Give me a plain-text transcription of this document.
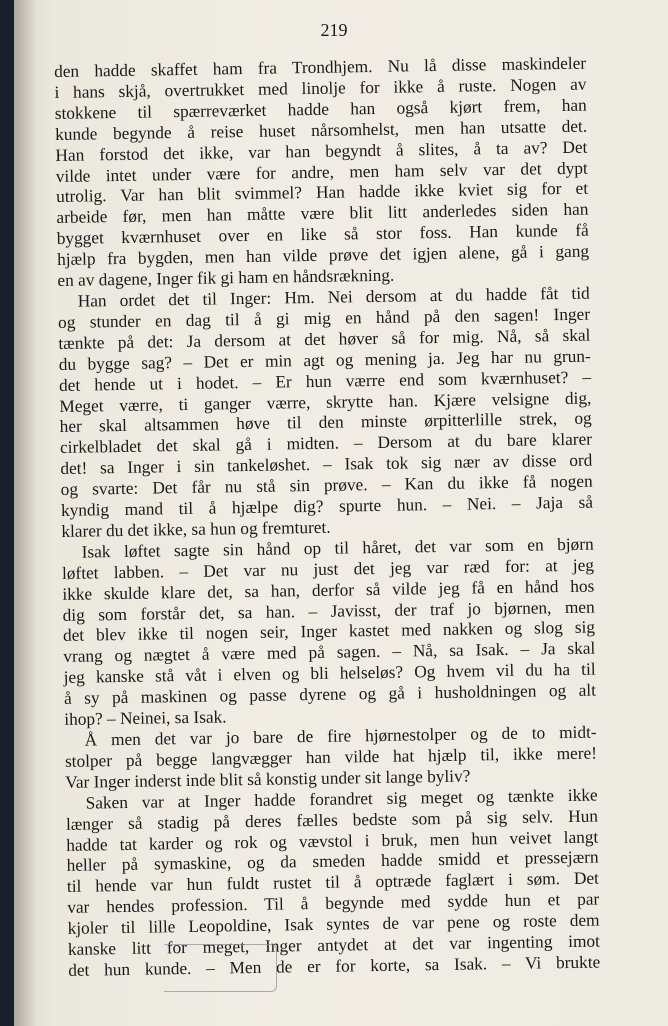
219
den hadde skaffet ham fra Trondhjem. Nu lå disse maskindeler
i hans skjå, overtrukket med linolje for ikke å ruste. Nogen av
stokkene til spærreværket hadde han også kjørt frem, han
kunde begynde å reise huset nårsomhelst, men han utsatte det.
Han forstod det ikke, var han begyndt å slites, å ta av? Det
vilde intet under være for andre, men ham selv var det dypt
utrolig. Var han blit svimmel? Han hadde ikke kviet sig for et
arbeide før, men han måtte være blit litt anderledes siden han
bygget kværnhuset over en like så stor foss. Han kunde få
hjælp fra bygden, men han vilde prøve det igjen alene, gå i gang
en av dagene, Inger fik gi ham en håndsrækning.
Han ordet det til Inger: Hm. Nei dersom at du hadde fåt tid
og stunder en dag til å gi mig en hånd på den sagen! Inger
tænkte på det: Ja dersom at det høver så for mig. Nå, så skal
du bygge sag? – Det er min agt og mening ja. Jeg har nu grun-
det hende ut i hodet. – Er hun værre end som kværnhuset? –
Meget værre, ti ganger værre, skrytte han. Kjære velsigne dig,
her skal altsammen høve til den minste ørpitterlille strek, og
cirkelbladet det skal gå i midten. – Dersom at du bare klarer
det! sa Inger i sin tankeløshet. – Isak tok sig nær av disse ord
og svarte: Det får nu stå sin prøve. – Kan du ikke få nogen
kyndig mand til å hjælpe dig? spurte hun. – Nei. – Jaja så
klarer du det ikke, sa hun og fremturet.
Isak løftet sagte sin hånd op til håret, det var som en bjørn
løftet labben. – Det var nu just det jeg var ræd for: at jeg
ikke skulde klare det, sa han, derfor så vilde jeg få en hånd hos
dig som forstår det, sa han. – Javisst, der traf jo bjørnen, men
det blev ikke til nogen seir, Inger kastet med nakken og slog sig
vrang og nægtet å være med på sagen. – Nå, sa Isak. – Ja skal
jeg kanske stå våt i elven og bli helseløs? Og hvem vil du ha til
å sy på maskinen og passe dyrene og gå i husholdningen og alt
ihop? – Neinei, sa Isak.
Å men det var jo bare de fire hjørnestolper og de to midt-
stolper på begge langvægger han vilde hat hjælp til, ikke mere!
Var Inger inderst inde blit så konstig under sit lange byliv?
Saken var at Inger hadde forandret sig meget og tænkte ikke
længer så stadig på deres fælles bedste som på sig selv. Hun
hadde tat karder og rok og vævstol i bruk, men hun veivet langt
heller på symaskine, og da smeden hadde smidd et pressejærn
til hende var hun fuldt rustet til å optræde faglært i søm. Det
var hendes profession. Til å begynde med sydde hun et par
kjoler til lille Leopoldine, Isak syntes de var pene og roste dem
kanske litt for meget, Inger antydet at det var ingenting imot
det hun kunde. – Men de er for korte, sa Isak. – Vi brukte
